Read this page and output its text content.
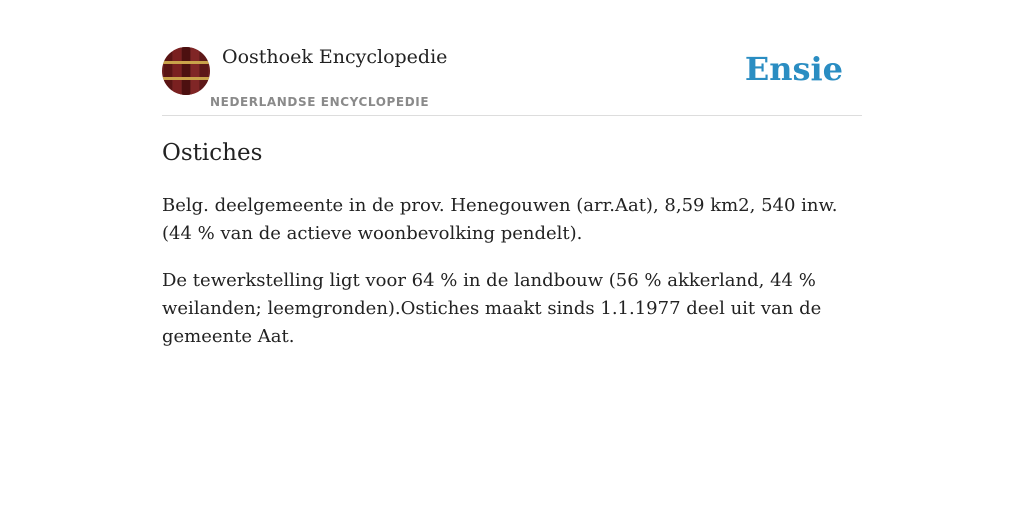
Oosthoek Encyclopedie
NEDERLANDSE ENCYCLOPEDIE
Ensie
Ostiches

Belg. deelgemeente in de prov. Henegouwen (arr.Aat), 8,59 km2, 540 inw. (44 % van de actieve woonbevolking pendelt).

De tewerkstelling ligt voor 64 % in de landbouw (56 % akkerland, 44 % weilanden; leemgronden).Ostiches maakt sinds 1.1.1977 deel uit van de gemeente Aat.
